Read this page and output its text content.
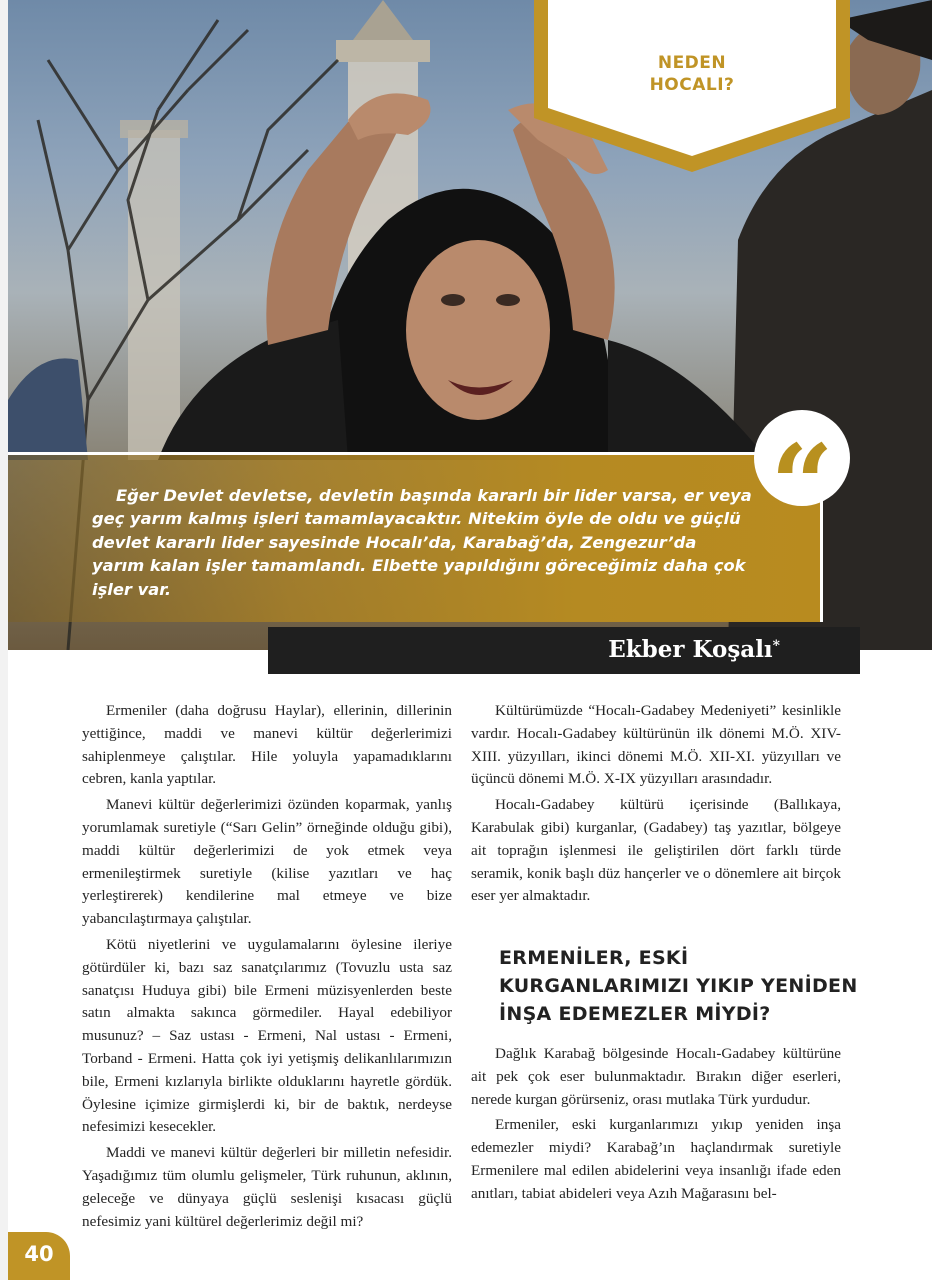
NEDEN
HOCALI?
“

Eğer Devlet devletse, devletin başında kararlı bir lider varsa, er veya geç yarım kalmış işleri tamamlayacaktır. Nitekim öyle de oldu ve güçlü devlet kararlı lider sayesinde Hocalı’da, Karabağ’da, Zengezur’da yarım kalan işler tamamlandı. Elbette yapıldığını göreceğimiz daha çok işler var.

Ekber Koşalı*

Ermeniler (daha doğrusu Haylar), ellerinin, dillerinin yettiğince, maddi ve manevi kültür değerlerimizi sahiplenmeye çalıştılar. Hile yoluyla yapamadıklarını cebren, kanla yaptılar.

Manevi kültür değerlerimizi özünden koparmak, yanlış yorumlamak suretiyle (“Sarı Gelin” örneğinde olduğu gibi), maddi kültür değerlerimizi de yok etmek veya ermenileştirmek suretiyle (kilise yazıtları ve haç yerleştirerek) kendilerine mal etmeye ve bize yabancılaştırmaya çalıştılar.

Kötü niyetlerini ve uygulamalarını öylesine ileriye götürdüler ki, bazı saz sanatçılarımız (Tovuzlu usta saz sanatçısı Huduya gibi) bile Ermeni müzisyenlerden beste satın almakta sakınca görmediler. Hayal edebiliyor musunuz? – Saz ustası - Ermeni, Nal ustası - Ermeni, Torband - Ermeni. Hatta çok iyi yetişmiş delikanlılarımızın bile, Ermeni kızlarıyla birlikte olduklarını hayretle gördük. Öylesine içimize girmişlerdi ki, bir de baktık, nerdeyse nefesimizi kesecekler.

Maddi ve manevi kültür değerleri bir milletin nefesidir. Yaşadığımız tüm olumlu gelişmeler, Türk ruhunun, aklının, geleceğe ve dünyaya güçlü seslenişi kısacası güçlü nefesimiz yani kültürel değerlerimiz değil mi?

Kültürümüzde “Hocalı-Gadabey Medeniyeti” kesinlikle vardır. Hocalı-Gadabey kültürünün ilk dönemi M.Ö. XIV-XIII. yüzyılları, ikinci dönemi M.Ö. XII-XI. yüzyılları ve üçüncü dönemi M.Ö. X-IX yüzyılları arasındadır.

Hocalı-Gadabey kültürü içerisinde (Ballıkaya, Karabulak gibi) kurganlar, (Gadabey) taş yazıtlar, bölgeye ait toprağın işlenmesi ile geliştirilen dört farklı türde seramik, konik başlı düz hançerler ve o dönemlere ait birçok eser yer almaktadır.

ERMENİLER, ESKİ KURGANLARIMIZI YIKIP YENİDEN İNŞA EDEMEZLER MİYDİ?

Dağlık Karabağ bölgesinde Hocalı-Gadabey kültürüne ait pek çok eser bulunmaktadır. Bırakın diğer eserleri, nerede kurgan görürseniz, orası mutlaka Türk yurdudur.

Ermeniler, eski kurganlarımızı yıkıp yeniden inşa edemezler miydi? Karabağ’ın haçlandırmak suretiyle Ermenilere mal edilen abidelerini veya insanlığı ifade eden anıtları, tabiat abideleri veya Azıh Mağarasını bel-

40
